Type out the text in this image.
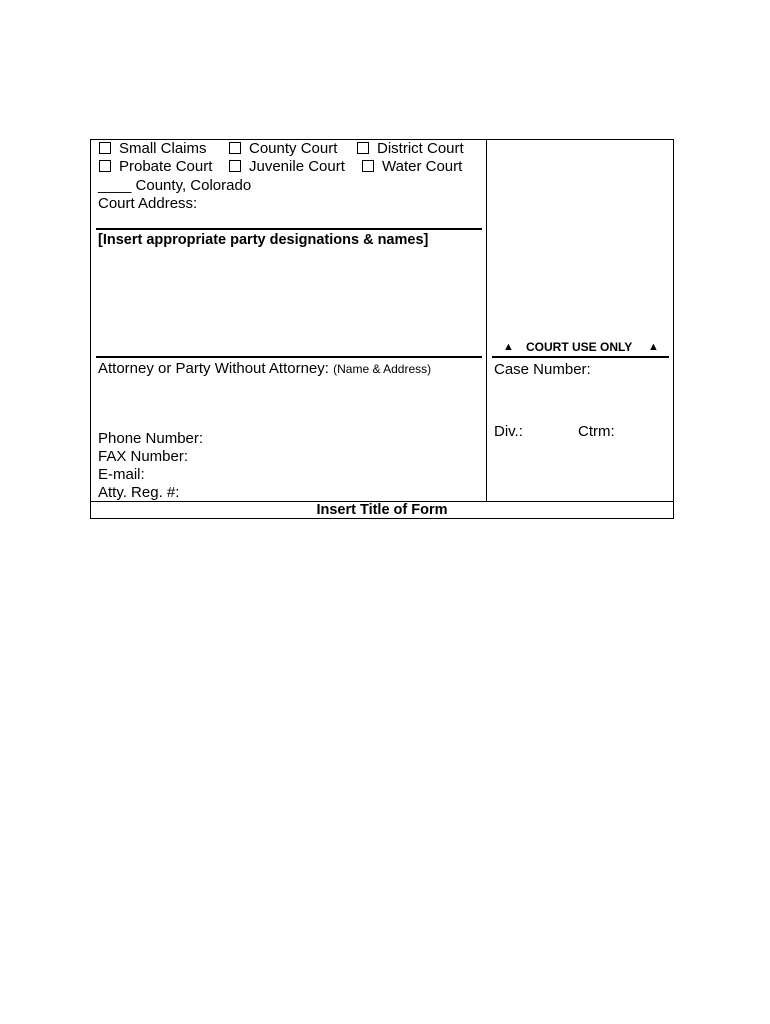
Small Claims	County Court	District Court
Probate Court	Juvenile Court	Water Court
____ County, Colorado
Court Address:
[Insert appropriate party designations & names]
Attorney or Party Without Attorney: (Name & Address)
Phone Number:
FAX Number:
E-mail:
Atty. Reg. #:
▲ COURT USE ONLY ▲
Case Number:
Div.:	Ctrm:
Insert Title of Form
